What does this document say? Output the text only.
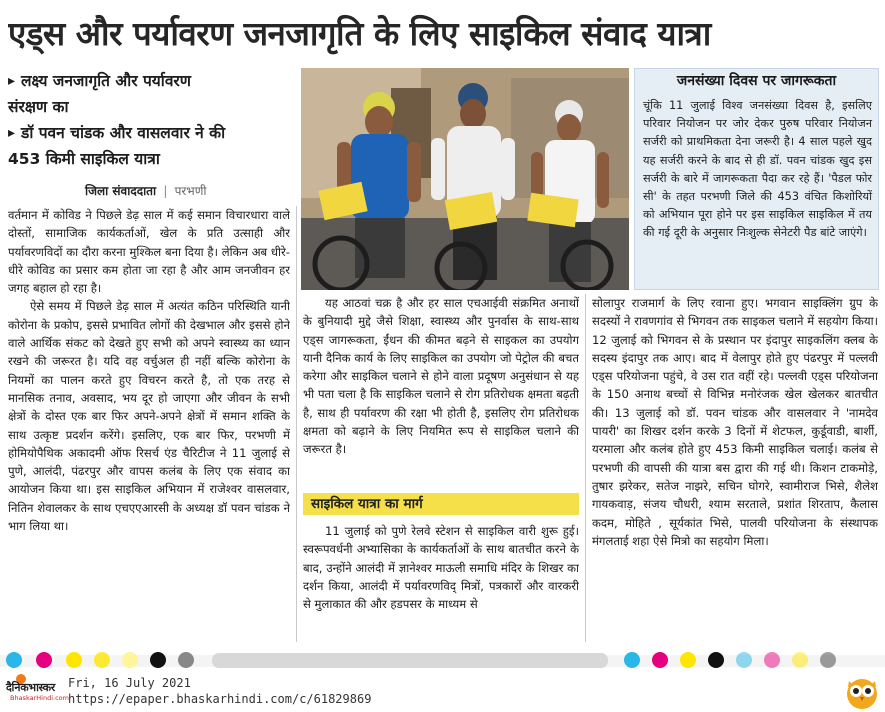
एड्स और पर्यावरण जनजागृति के लिए साइकिल संवाद यात्रा
▸ लक्ष्य जनजागृति और पर्यावरण
संरक्षण का
▸ डॉ पवन चांडक और वासलवार ने की
453 किमी साइकिल यात्रा
जिला संवाददाता | परभणी

वर्तमान में कोविड ने पिछले डेढ़ साल में कई समान विचारधारा वाले दोस्तों, सामाजिक कार्यकर्ताओं, खेल के प्रति उत्साही और पर्यावरणविदों का दौरा करना मुश्किल बना दिया है। लेकिन अब धीरे-धीरे कोविड का प्रसार कम होता जा रहा है और आम जनजीवन हर जगह बहाल हो रहा है।

ऐसे समय में पिछले डेढ़ साल में अत्यंत कठिन परिस्थिति यानी कोरोना के प्रकोप, इससे प्रभावित लोगों की देखभाल और इससे होने वाले आर्थिक संकट को देखते हुए सभी को अपने स्वास्थ्य का ध्यान रखने की जरूरत है। यदि वह वर्चुअल ही नहीं बल्कि कोरोना के नियमों का पालन करते हुए विचरन करते है, तो एक तरह से मानसिक तनाव, अवसाद, भय दूर हो जाएगा और जीवन के सभी क्षेत्रों के दोस्त एक बार फिर अपने-अपने क्षेत्रों में समान शक्ति के साथ उत्कृष्ट प्रदर्शन करेंगे। इसलिए, एक बार फिर, परभणी में होमियोपैथिक अकादमी ऑफ रिसर्च एंड चैरिटीज ने 11 जुलाई से पुणे, आलंदी, पंढरपुर और वापस कलंब के लिए एक संवाद का आयोजन किया था। इस साइकिल अभियान में राजेश्वर वासलवार, नितिन शेवालकर के साथ एचएएआरसी के अध्यक्ष डॉ पवन चांडक ने भाग लिया था।

जनसंख्या दिवस पर जागरूकता
चूंकि 11 जुलाई विश्व जनसंख्या दिवस है, इसलिए परिवार नियोजन पर जोर देकर पुरुष परिवार नियोजन सर्जरी को प्राथमिकता देना जरूरी है। 4 साल पहले खुद यह सर्जरी करने के बाद से ही डॉ. पवन चांडक खुद इस सर्जरी के बारे में जागरूकता पैदा कर रहे हैं। 'पैडल फोर सी' के तहत परभणी जिले की 453 वंचित किशोरियों को अभियान पूरा होने पर इस साइकिल साइकिल में तय की गई दूरी के अनुसार निःशुल्क सेनेटरी पैड बांटे जाएंगे।

यह आठवां चक्र है और हर साल एचआईवी संक्रमित अनाथों के बुनियादी मुद्दे जैसे शिक्षा, स्वास्थ्य और पुनर्वास के साथ-साथ एड्स जागरूकता, ईंधन की कीमत बढ़ने से साइकल का उपयोग यानी दैनिक कार्य के लिए साइकिल का उपयोग जो पेट्रोल की बचत करेगा और साइकिल चलाने से होने वाला प्रदूषण अनुसंधान से यह भी पता चला है कि साइकिल चलाने से रोग प्रतिरोधक क्षमता बढ़ती है, साथ ही पर्यावरण की रक्षा भी होती है, इसलिए रोग प्रतिरोधक क्षमता को बढ़ाने के लिए नियमित रूप से साइकिल चलाने की जरूरत है।

साइकिल यात्रा का मार्ग

11 जुलाई को पुणे रेलवे स्टेशन से साइकिल वारी शुरू हुई। स्वरूपवर्धनी अभ्यासिका के कार्यकर्ताओं के साथ बातचीत करने के बाद, उन्होंने आलंदी में ज्ञानेश्वर माऊली समाधि मंदिर के शिखर का दर्शन किया, आलंदी में पर्यावरणविद् मित्रों, पत्रकारों और वारकरी से मुलाकात की और हडपसर के माध्यम से

सोलापुर राजमार्ग के लिए रवाना हुए। भगवान साइक्लिंग ग्रुप के सदस्यों ने रावणगांव से भिगवन तक साइकल चलाने में सहयोग किया। 12 जुलाई को भिगवन से के प्रस्थान पर इंदापुर साइकलिंग क्लब के सदस्य इंदापुर तक आए। बाद में वेलापुर होते हुए पंढरपुर में पल्लवी एड्स परियोजना पहुंचे, वे उस रात वहीं रहे। पल्लवी एड्स परियोजना के 150 अनाथ बच्चों से विभिन्न मनोरंजक खेल खेलकर बातचीत की। 13 जुलाई को डॉ. पवन चांडक और वासलवार ने 'नामदेव पायरी' का शिखर दर्शन करके 3 दिनों में शेटफल, कुर्डूवाडी, बार्शी, यरमाला और कलंब होते हुए 453 किमी साइकिल चलाई। कलंब से परभणी की वापसी की यात्रा बस द्वारा की गई थी। किशन टाकमोड़े, तुषार झरेकर, सतेज नाझरे, सचिन घोगरे, स्वामीराज भिसे, शैलेश गायकवाड़, संजय चौधरी, श्याम सरताले, प्रशांत शिरताप, कैलास कदम, मोहिते , सूर्यकांत भिसे, पालवी परियोजना के संस्थापक मंगलताई शहा ऐसे मित्रो का सहयोग मिला।

दैनिकभास्कर
BhaskarHindi.com
Fri, 16 July 2021
https://epaper.bhaskarhindi.com/c/61829869
